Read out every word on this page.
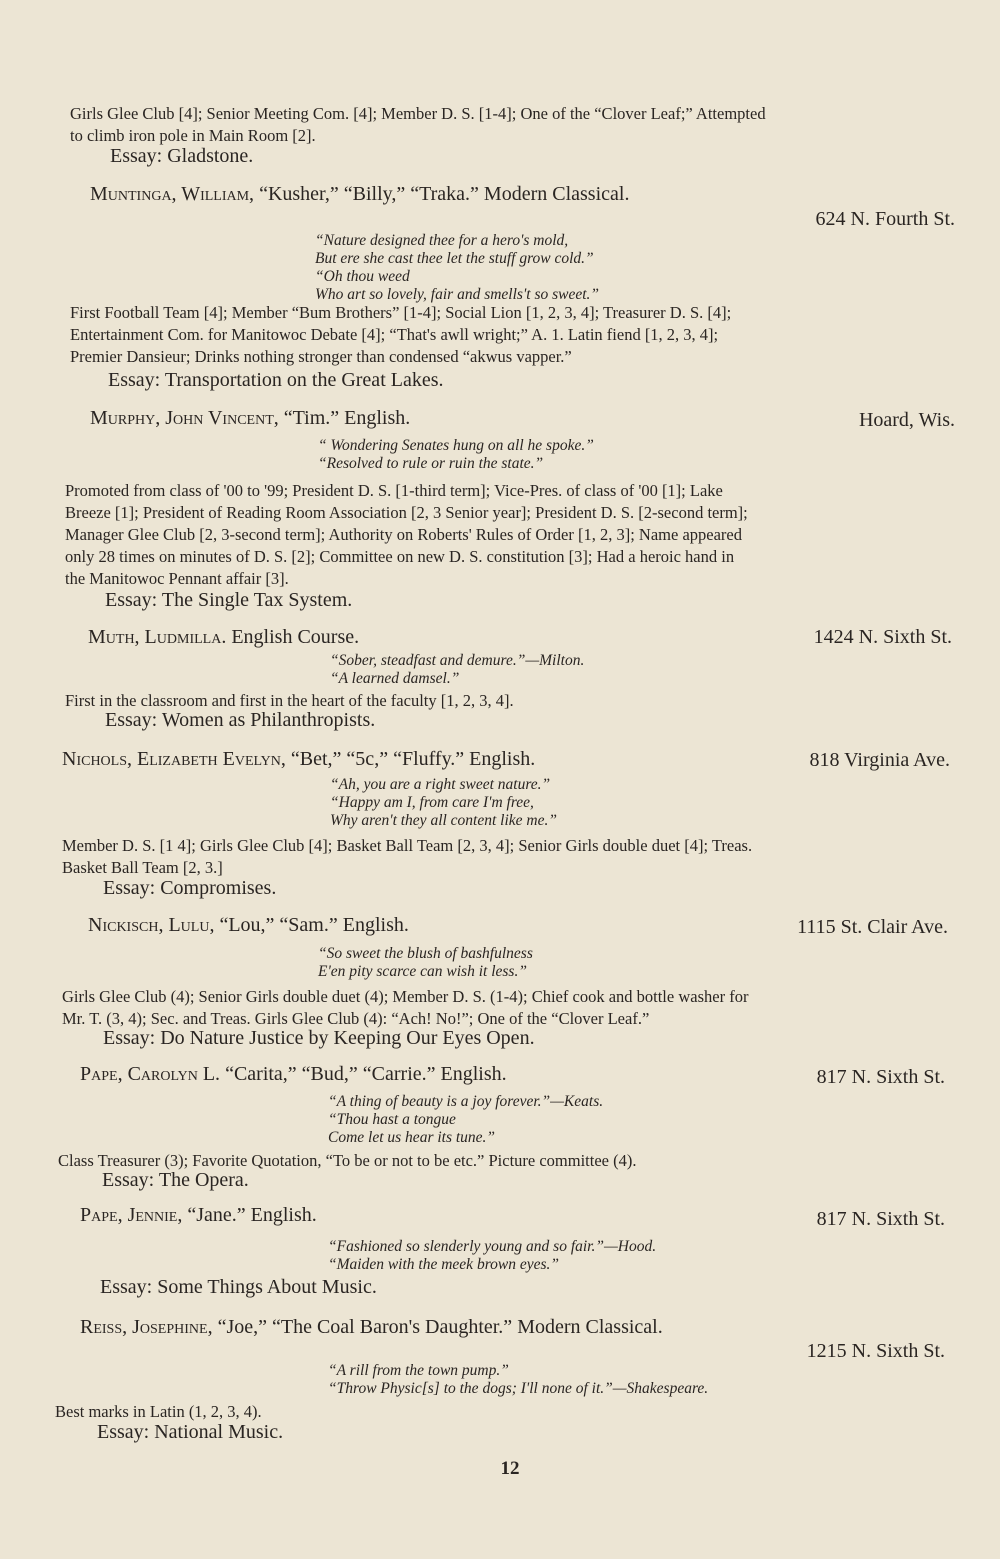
Girls Glee Club [4]; Senior Meeting Com. [4]; Member D. S. [1-4]; One of the “Clover Leaf;” Attempted
to climb iron pole in Main Room [2].
Essay: Gladstone.
Muntinga, William, “Kusher,” “Billy,” “Traka.” Modern Classical.
624 N. Fourth St.
“Nature designed thee for a hero's mold,
But ere she cast thee let the stuff grow cold.”
“Oh thou weed
Who art so lovely, fair and smells't so sweet.”
First Football Team [4]; Member “Bum Brothers” [1-4]; Social Lion [1, 2, 3, 4]; Treasurer D. S. [4];
Entertainment Com. for Manitowoc Debate [4]; “That's awll wright;” A. 1. Latin fiend [1, 2, 3, 4];
Premier Dansieur; Drinks nothing stronger than condensed “akwus vapper.”
Essay: Transportation on the Great Lakes.
Murphy, John Vincent, “Tim.” English.	Hoard, Wis.
“ Wondering Senates hung on all he spoke.”
“Resolved to rule or ruin the state.”
Promoted from class of '00 to '99; President D. S. [1-third term]; Vice-Pres. of class of '00 [1]; Lake
Breeze [1]; President of Reading Room Association [2, 3 Senior year]; President D. S. [2-second term];
Manager Glee Club [2, 3-second term]; Authority on Roberts' Rules of Order [1, 2, 3]; Name appeared
only 28 times on minutes of D. S. [2]; Committee on new D. S. constitution [3]; Had a heroic hand in
the Manitowoc Pennant affair [3].
Essay: The Single Tax System.
Muth, Ludmilla. English Course.	1424 N. Sixth St.
“Sober, steadfast and demure.”—Milton.
“A learned damsel.”
First in the classroom and first in the heart of the faculty [1, 2, 3, 4].
Essay: Women as Philanthropists.
Nichols, Elizabeth Evelyn, “Bet,” “5c,” “Fluffy.” English.	818 Virginia Ave.
“Ah, you are a right sweet nature.”
“Happy am I, from care I'm free,
Why aren't they all content like me.”
Member D. S. [1 4]; Girls Glee Club [4]; Basket Ball Team [2, 3, 4]; Senior Girls double duet [4]; Treas.
Basket Ball Team [2, 3.]
Essay: Compromises.
Nickisch, Lulu, “Lou,” “Sam.” English.	1115 St. Clair Ave.
“So sweet the blush of bashfulness
E'en pity scarce can wish it less.”
Girls Glee Club (4); Senior Girls double duet (4); Member D. S. (1-4); Chief cook and bottle washer for
Mr. T. (3, 4); Sec. and Treas. Girls Glee Club (4): “Ach! No!”; One of the “Clover Leaf.”
Essay: Do Nature Justice by Keeping Our Eyes Open.
Pape, Carolyn L. “Carita,” “Bud,” “Carrie.” English.	817 N. Sixth St.
“A thing of beauty is a joy forever.”—Keats.
“Thou hast a tongue
Come let us hear its tune.”
Class Treasurer (3); Favorite Quotation, “To be or not to be etc.” Picture committee (4).
Essay: The Opera.
Pape, Jennie, “Jane.” English.	817 N. Sixth St.
“Fashioned so slenderly young and so fair.”—Hood.
“Maiden with the meek brown eyes.”
Essay: Some Things About Music.
Reiss, Josephine, “Joe,” “The Coal Baron's Daughter.” Modern Classical.
1215 N. Sixth St.
“A rill from the town pump.”
“Throw Physic[s] to the dogs; I'll none of it.”—Shakespeare.
Best marks in Latin (1, 2, 3, 4).
Essay: National Music.
12
